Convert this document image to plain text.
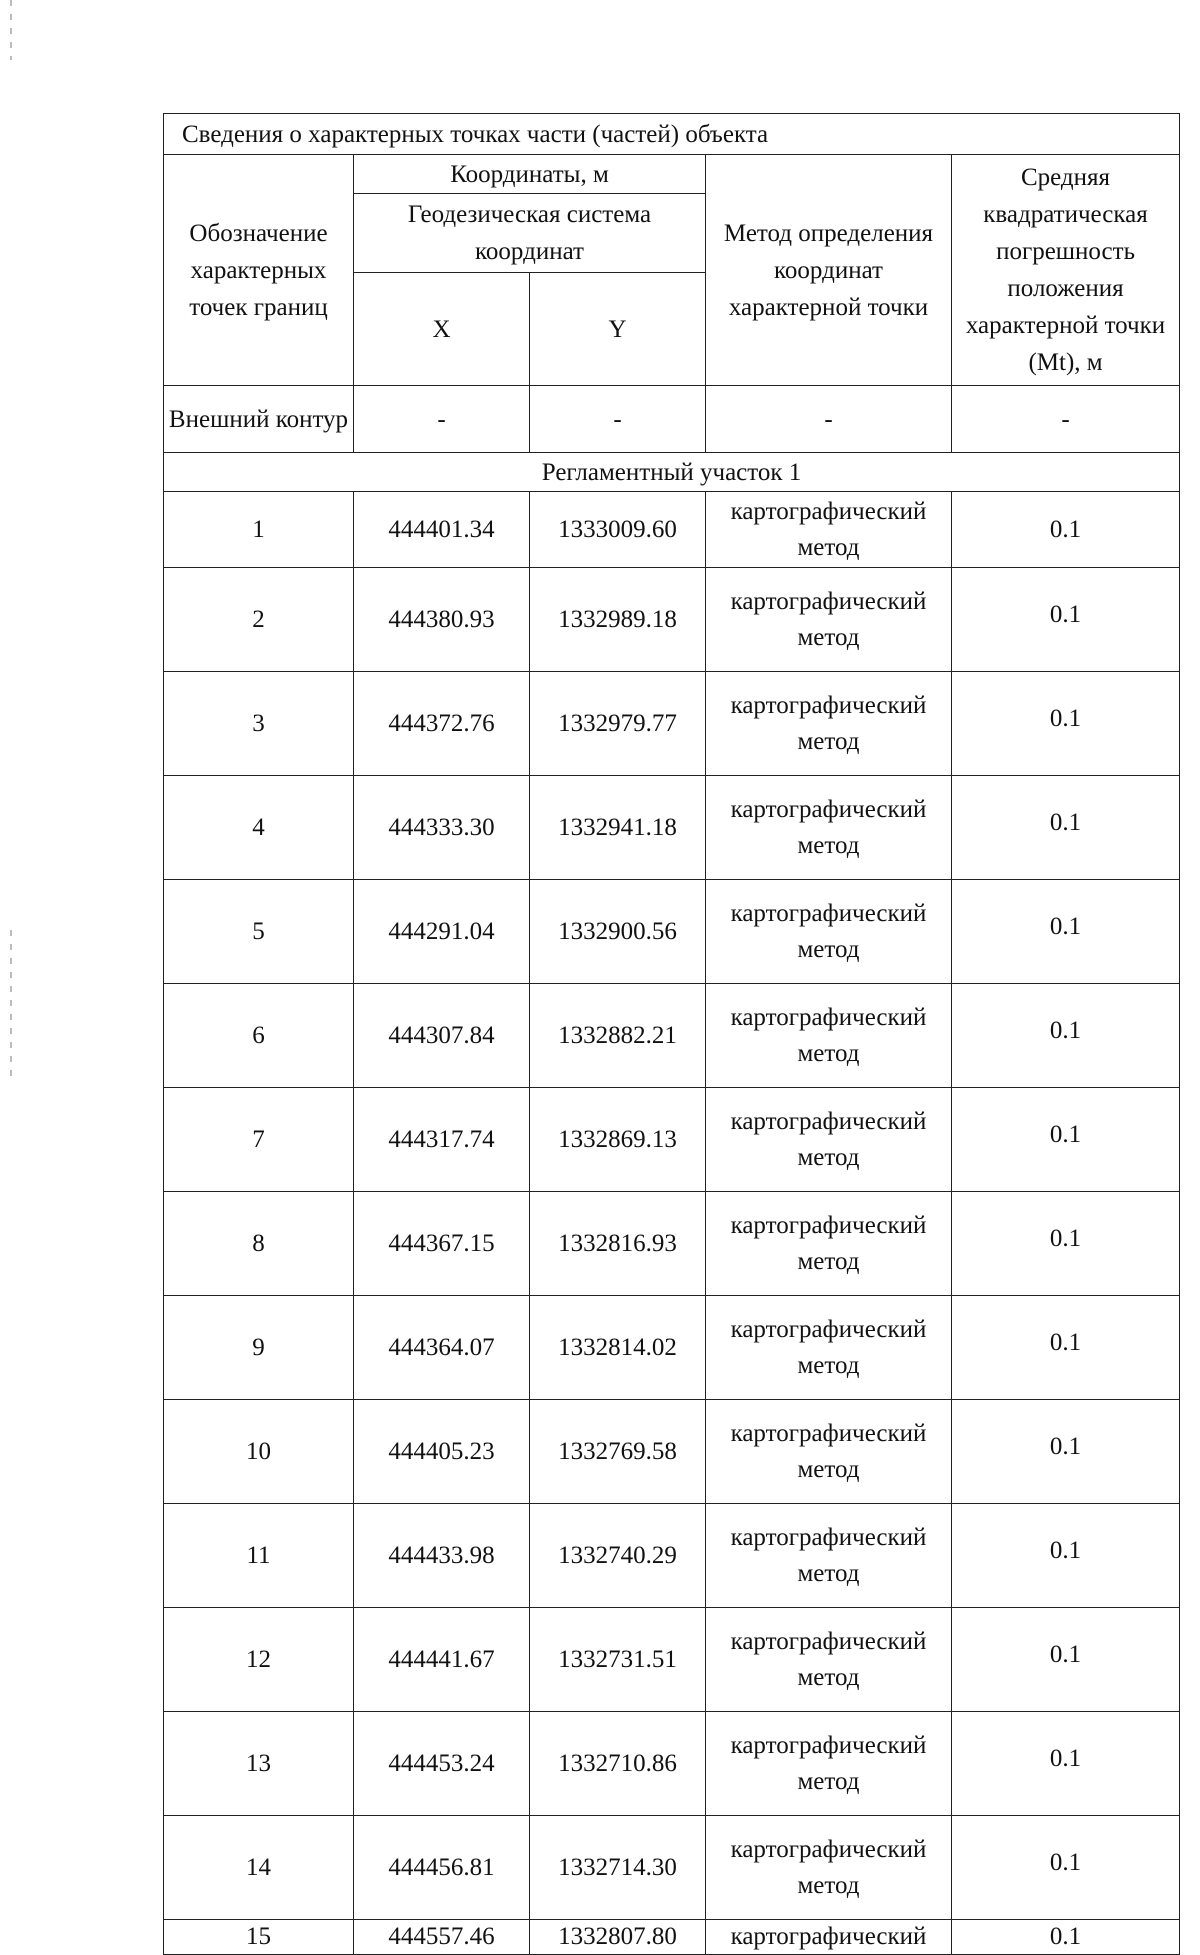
Сведения о характерных точках части (частей) объекта				
Обозначение характерных точек границ	Координаты, м		Метод определения координат характерной точки	Средняя квадратическая погрешность положения характерной точки (Mt), м
	Геодезическая система координат			
	X	Y		
Внешний контур	-	-	-	-
Регламентный участок 1				
1	444401.34	1333009.60	картографический метод	0.1
2	444380.93	1332989.18	картографический метод	0.1
3	444372.76	1332979.77	картографический метод	0.1
4	444333.30	1332941.18	картографический метод	0.1
5	444291.04	1332900.56	картографический метод	0.1
6	444307.84	1332882.21	картографический метод	0.1
7	444317.74	1332869.13	картографический метод	0.1
8	444367.15	1332816.93	картографический метод	0.1
9	444364.07	1332814.02	картографический метод	0.1
10	444405.23	1332769.58	картографический метод	0.1
11	444433.98	1332740.29	картографический метод	0.1
12	444441.67	1332731.51	картографический метод	0.1
13	444453.24	1332710.86	картографический метод	0.1
14	444456.81	1332714.30	картографический метод	0.1
15	444557.46	1332807.80	картографический	0.1
